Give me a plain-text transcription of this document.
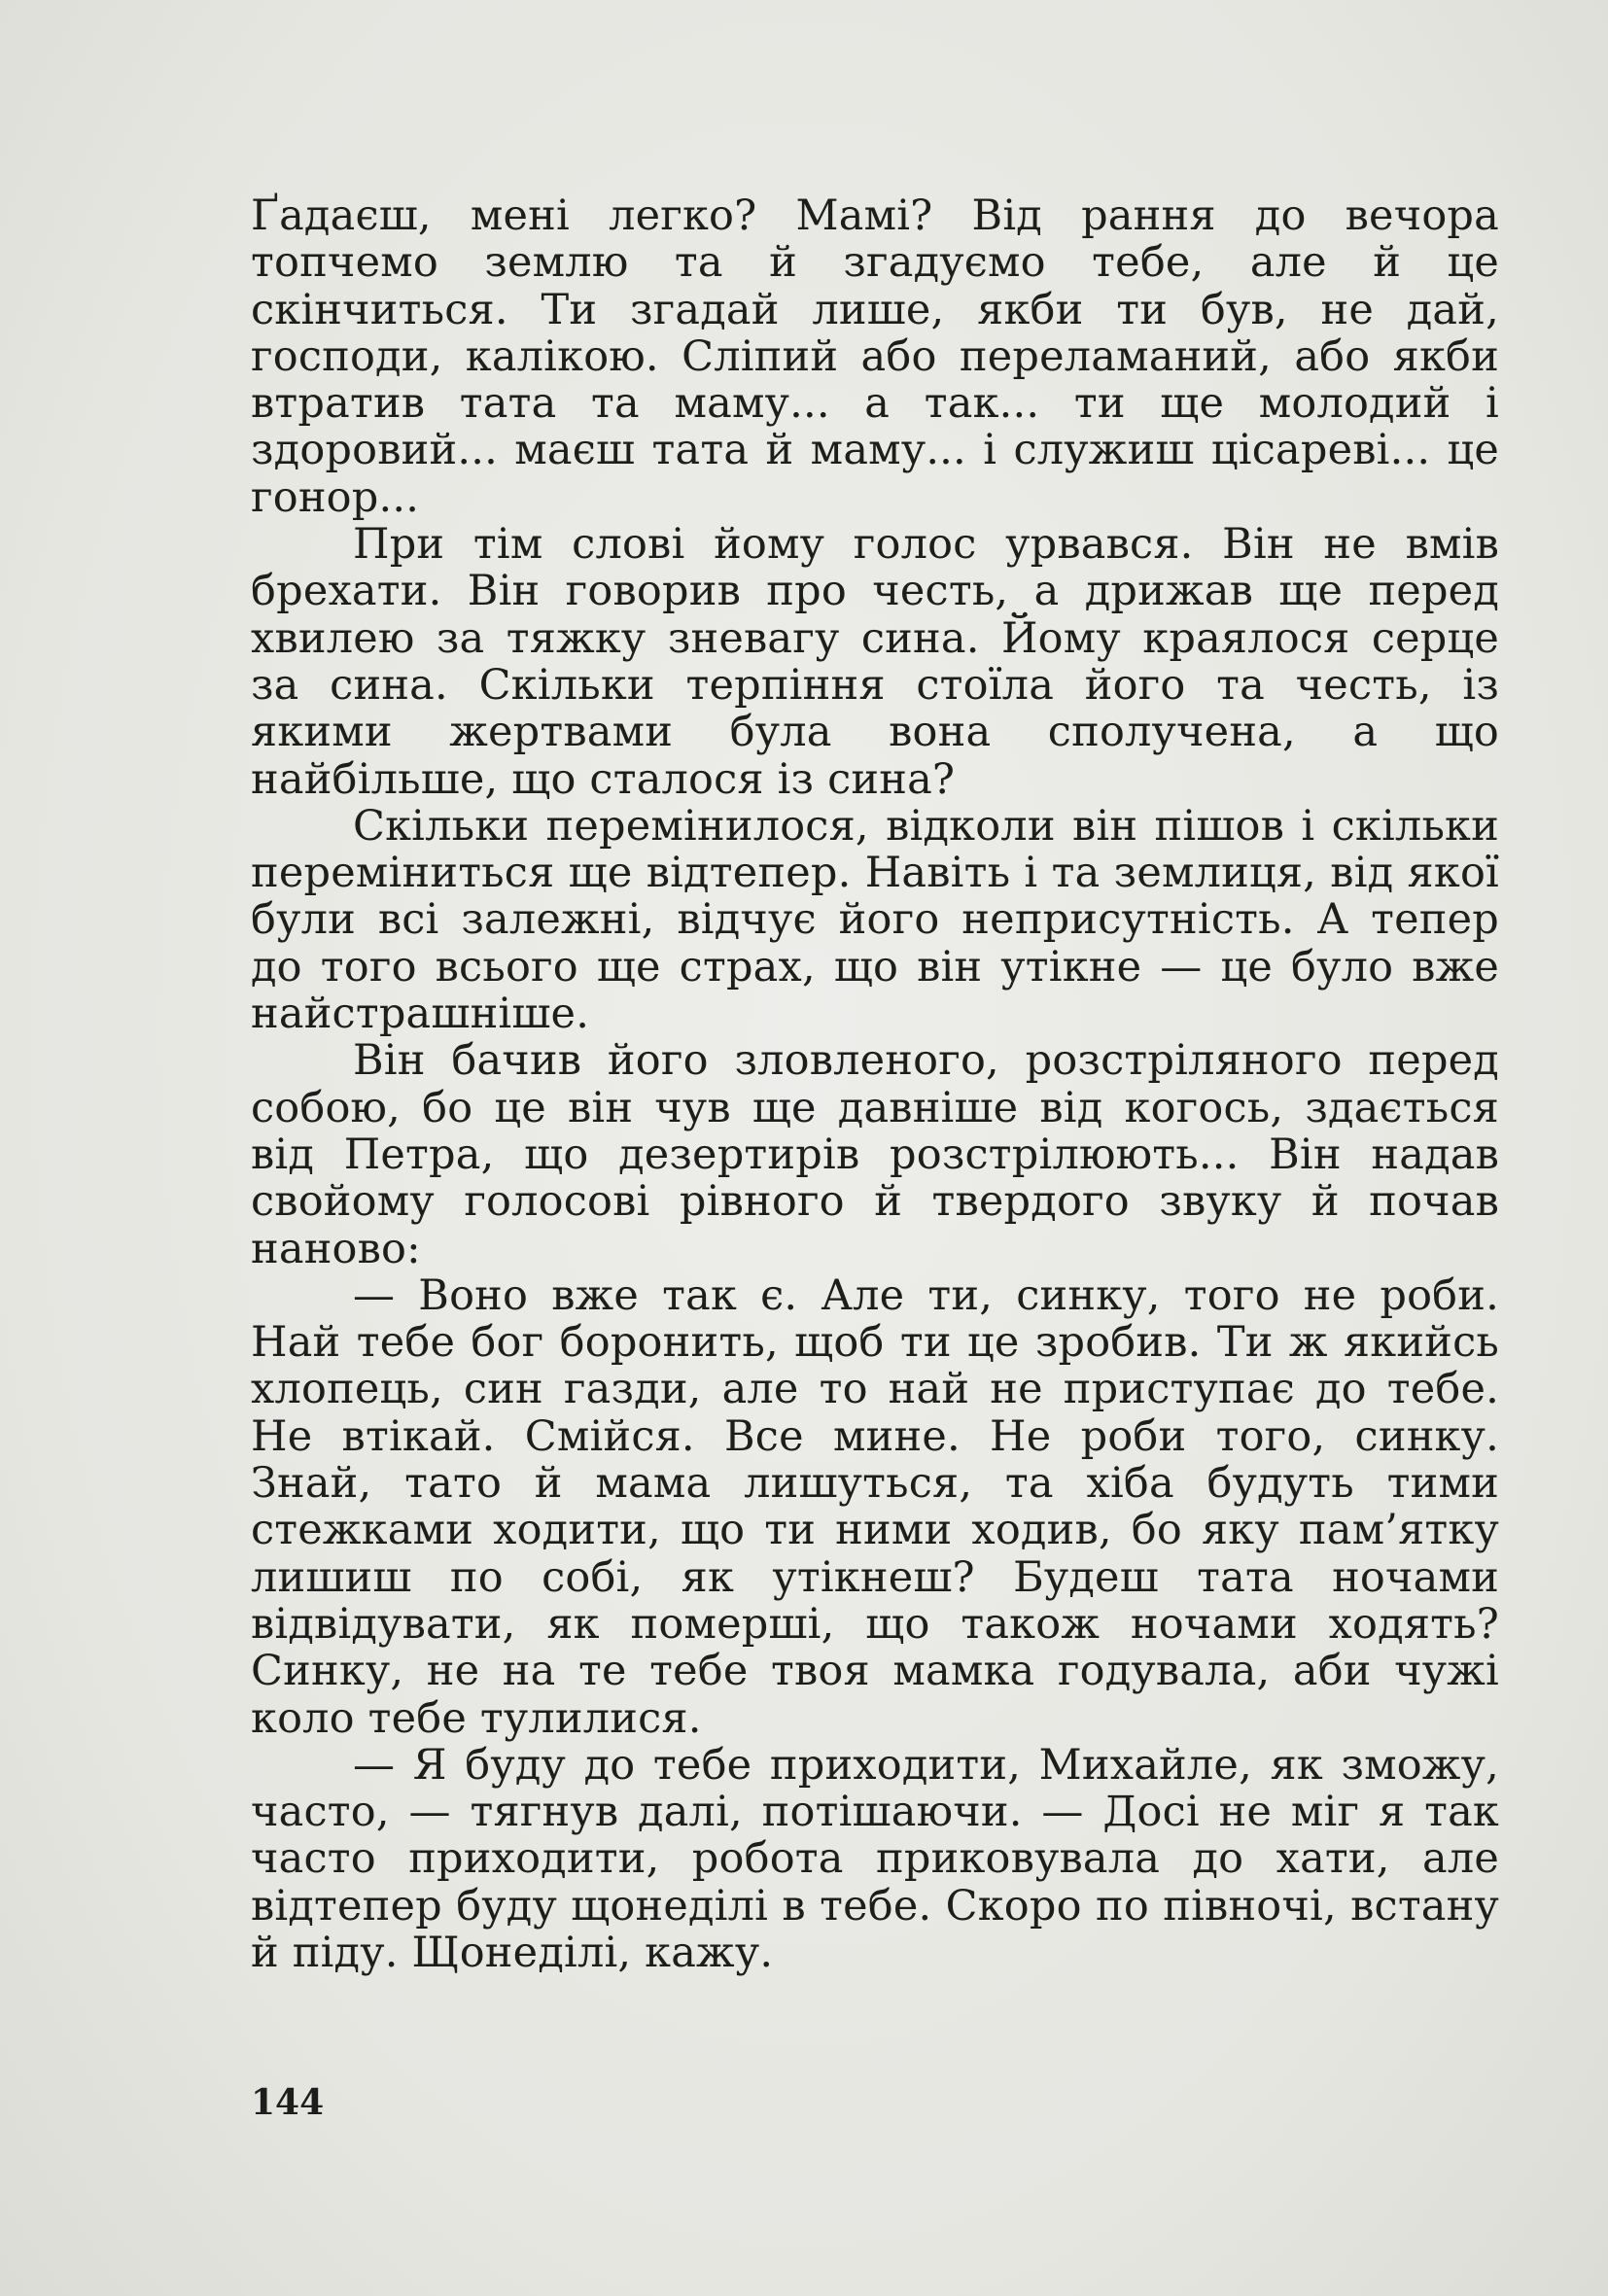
Ґадаєш, мені легко? Мамі? Від рання до вечора топчемо землю та й згадуємо тебе, але й це скінчиться. Ти згадай лише, якби ти був, не дай, господи, калікою. Сліпий або переламаний, або якби втратив тата та маму... а так... ти ще молодий і здоровий... маєш тата й маму... і служиш цісареві... це гонор...

При тім слові йому голос урвався. Він не вмів брехати. Він говорив про честь, а дрижав ще перед хвилею за тяжку зневагу сина. Йому краялося серце за сина. Скільки терпіння стоїла його та честь, із якими жертвами була вона сполучена, а що найбільше, що сталося із сина?

Скільки перемінилося, відколи він пішов і скільки переміниться ще відтепер. Навіть і та землиця, від якої були всі залежні, відчує його неприсутність. А тепер до того всього ще страх, що він утікне — це було вже найстрашніше.

Він бачив його зловленого, розстріляного перед собою, бо це він чув ще давніше від когось, здається від Петра, що дезертирів розстрілюють... Він надав свойому голосові рівного й твердого звуку й почав наново:

— Воно вже так є. Але ти, синку, того не роби. Най тебе бог боронить, щоб ти це зробив. Ти ж якийсь хлопець, син газди, але то най не приступає до тебе. Не втікай. Смійся. Все мине. Не роби того, синку. Знай, тато й мама лишуться, та хіба будуть тими стежками ходити, що ти ними ходив, бо яку пам’ятку лишиш по собі, як утікнеш? Будеш тата ночами відвідувати, як померші, що також ночами ходять? Синку, не на те тебе твоя мамка годувала, аби чужі коло тебе тулилися.

— Я буду до тебе приходити, Михайле, як зможу, часто, — тягнув далі, потішаючи. — Досі не міг я так часто приходити, робота приковувала до хати, але відтепер буду щонеділі в тебе. Скоро по півночі, встану й піду. Щонеділі, кажу.

144
